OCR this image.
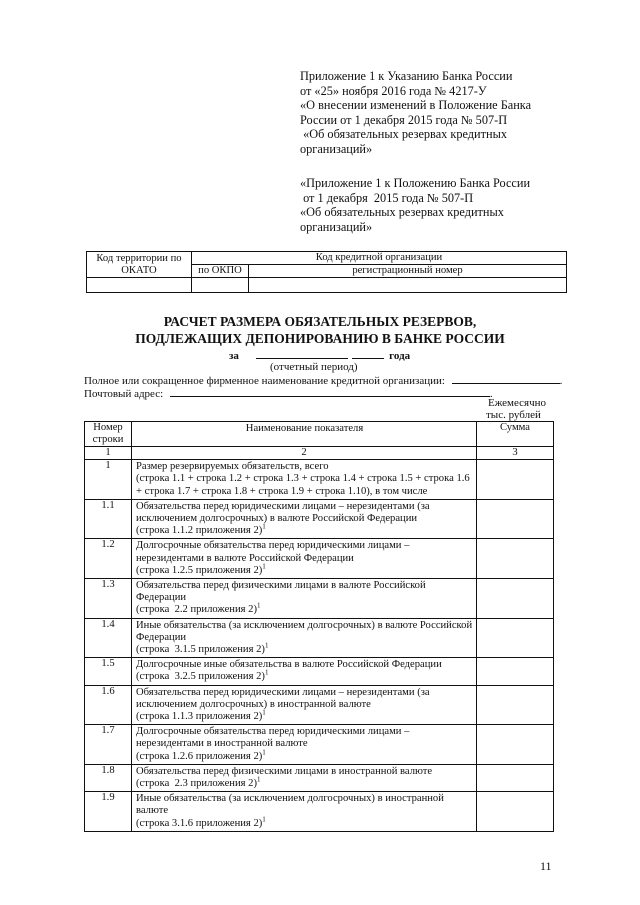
Приложение 1 к Указанию Банка России
от «25» ноября 2016 года № 4217-У
«О внесении изменений в Положение Банка
России от 1 декабря 2015 года № 507-П
«Об обязательных резервах кредитных
организаций»
«Приложение 1 к Положению Банка России
от 1 декабря  2015 года № 507-П
«Об обязательных резервах кредитных
организаций»
Код территории по ОКАТО	Код кредитной организации	
	по ОКПО	регистрационный номер

РАСЧЕТ РАЗМЕРА ОБЯЗАТЕЛЬНЫХ РЕЗЕРВОВ,
ПОДЛЕЖАЩИХ ДЕПОНИРОВАНИЮ В БАНКЕ РОССИИ
за	года
(отчетный период)
Полное или сокращенное фирменное наименование кредитной организации:	.
Почтовый адрес:	.
Ежемесячно
тыс. рублей
Номер строки	Наименование показателя	Сумма
1	2	3
1	Размер резервируемых обязательств, всего
(строка 1.1 + строка 1.2 + строка 1.3 + строка 1.4 + строка 1.5 + строка 1.6 + строка 1.7 + строка 1.8 + строка 1.9 + строка 1.10), в том числе	

1.1	Обязательства перед юридическими лицами – нерезидентами (за исключением долгосрочных) в валюте Российской Федерации
(строка 1.1.2 приложения 2)$^1$

1.2	Долгосрочные обязательства перед юридическими лицами – нерезидентами в валюте Российской Федерации
(строка 1.2.5 приложения 2)$^1$

1.3	Обязательства перед физическими лицами в валюте Российской Федерации
(строка  2.2 приложения 2)$^1$

1.4	Иные обязательства (за исключением долгосрочных) в валюте Российской Федерации
(строка  3.1.5 приложения 2)$^1$

1.5	Долгосрочные иные обязательства в валюте Российской Федерации
(строка  3.2.5 приложения 2)$^1$

1.6	Обязательства перед юридическими лицами – нерезидентами (за исключением долгосрочных) в иностранной валюте
(строка 1.1.3 приложения 2)$^1$

1.7	Долгосрочные обязательства перед юридическими лицами – нерезидентами в иностранной валюте
(строка 1.2.6 приложения 2)$^1$

1.8	Обязательства перед физическими лицами в иностранной валюте
(строка  2.3 приложения 2)$^1$

1.9	Иные обязательства (за исключением долгосрочных) в иностранной валюте
(строка 3.1.6 приложения 2)$^1$

11
